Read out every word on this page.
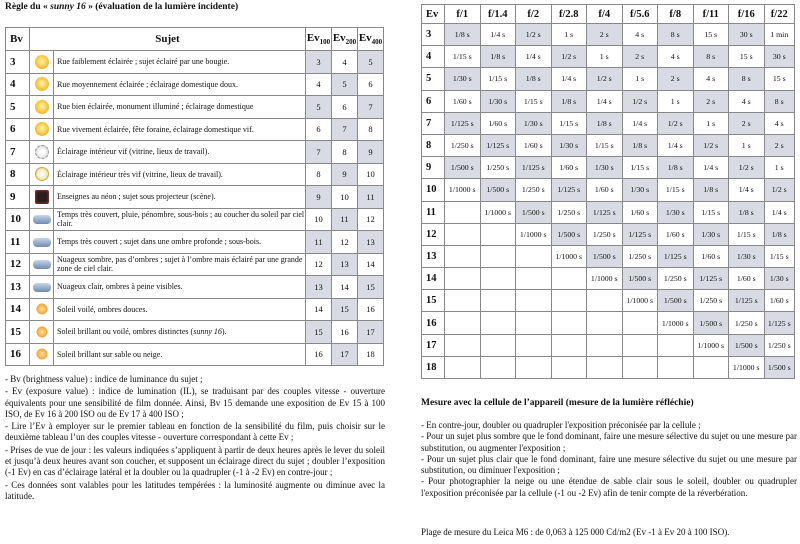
Règle du « sunny 16 » (évaluation de la lumière incidente)
Bv	Sujet		$Ev_{100}$	$Ev_{200}$	$Ev_{400}$
3		Rue faiblement éclairée ; sujet éclairé par une bougie.	3	4	5
4		Rue moyennement éclairée ; éclairage domestique doux.	4	5	6
5		Rue bien éclairée, monument illuminé ; éclairage domestique	5	6	7
6		Rue vivement éclairée, fête foraine, éclairage domestique vif.	6	7	8
7		Éclairage intérieur vif (vitrine, lieux de travail).	7	8	9
8		Éclairage intérieur très vif (vitrine, lieux de travail).	8	9	10
9		Enseignes au néon ; sujet sous projecteur (scène).	9	10	11
10		Temps très couvert, pluie, pénombre, sous-bois ; au coucher du soleil par ciel clair.	10	11	12
11		Temps très couvert ; sujet dans une ombre profonde ; sous-bois.	11	12	13
12		Nuageux sombre, pas d’ombres ; sujet à l’ombre mais éclairé par une grande zone de ciel clair.	12	13	14
13		Nuageux clair, ombres à peine visibles.	13	14	15
14		Soleil voilé, ombres douces.	14	15	16
15		Soleil brillant ou voilé, ombres distinctes (sunny 16).	15	16	17
16		Soleil brillant sur sable ou neige.	16	17	18

- Bv (brightness value) : indice de luminance du sujet ;

- Ev (exposure value) : indice de lumination (IL), se traduisant par des couples vitesse - ouverture équivalents pour une sensibilité de film donnée. Ainsi, Bv 15 demande une exposition de Ev 15 à 100 ISO, de Ev 16 à 200 ISO ou de Ev 17 à 400 ISO ;

- Lire l’Ev à employer sur le premier tableau en fonction de la sensibilité du film, puis choisir sur le deuxième tableau l’un des couples vitesse - ouverture correspondant à cette Ev ;

- Prises de vue de jour : les valeurs indiquées s’appliquent à partir de deux heures après le lever du soleil et jusqu’à deux heures avant son coucher, et supposent un éclairage direct du sujet ; doubler l’exposition (-1 Ev) en cas d’éclairage latéral et la doubler ou la quadrupler (-1 à -2 Ev) en contre-jour ;

- Ces données sont valables pour les latitudes tempérées : la luminosité augmente ou diminue avec la latitude.

Ev	f/1	f/1.4	f/2	f/2.8	f/4	f/5.6	f/8	f/11	f/16	f/22
3	1/8 s	1/4 s	1/2 s	1 s	2 s	4 s	8 s	15 s	30 s	1 min
4	1/15 s	1/8 s	1/4 s	1/2 s	1 s	2 s	4 s	8 s	15 s	30 s
5	1/30 s	1/15 s	1/8 s	1/4 s	1/2 s	1 s	2 s	4 s	8 s	15 s
6	1/60 s	1/30 s	1/15 s	1/8 s	1/4 s	1/2 s	1 s	2 s	4 s	8 s
7	1/125 s	1/60 s	1/30 s	1/15 s	1/8 s	1/4 s	1/2 s	1 s	2 s	4 s
8	1/250 s	1/125 s	1/60 s	1/30 s	1/15 s	1/8 s	1/4 s	1/2 s	1 s	2 s
9	1/500 s	1/250 s	1/125 s	1/60 s	1/30 s	1/15 s	1/8 s	1/4 s	1/2 s	1 s
10	1/1000 s	1/500 s	1/250 s	1/125 s	1/60 s	1/30 s	1/15 s	1/8 s	1/4 s	1/2 s
11		1/1000 s	1/500 s	1/250 s	1/125 s	1/60 s	1/30 s	1/15 s	1/8 s	1/4 s
12			1/1000 s	1/500 s	1/250 s	1/125 s	1/60 s	1/30 s	1/15 s	1/8 s
13				1/1000 s	1/500 s	1/250 s	1/125 s	1/60 s	1/30 s	1/15 s
14					1/1000 s	1/500 s	1/250 s	1/125 s	1/60 s	1/30 s
15						1/1000 s	1/500 s	1/250 s	1/125 s	1/60 s
16							1/1000 s	1/500 s	1/250 s	1/125 s
17								1/1000 s	1/500 s	1/250 s
18									1/1000 s	1/500 s
Mesure avec la cellule de l’appareil (mesure de la lumière réfléchie)

- En contre-jour, doubler ou quadrupler l'exposition préconisée par la cellule ;

- Pour un sujet plus sombre que le fond dominant, faire une mesure sélective du sujet ou une mesure par substitution, ou augmenter l'exposition ;

- Pour un sujet plus clair que le fond dominant, faire une mesure sélective du sujet ou une mesure par substitution, ou diminuer l'exposition ;

- Pour photographier la neige ou une étendue de sable clair sous le soleil, doubler ou quadrupler l'exposition préconisée par la cellule (-1 ou -2 Ev) afin de tenir compte de la réverbération.

Plage de mesure du Leica M6 : de 0,063 à 125 000 Cd/m2 (Ev -1 à Ev 20 à 100 ISO).
